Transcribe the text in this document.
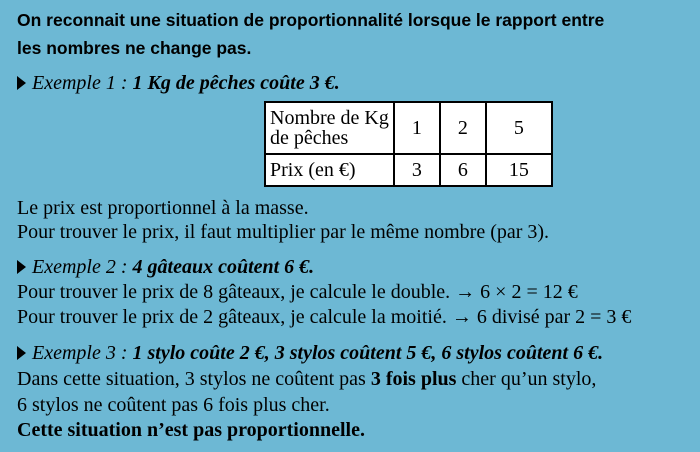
On reconnait une situation de proportionnalité lorsque le rapport entre
les nombres ne change pas.
Exemple 1 : 1 Kg de pêches coûte 3 €.
Nombre de Kg
de pêches	1	2	5
Prix (en €)	3	6	15
Le prix est proportionnel à la masse.
Pour trouver le prix, il faut multiplier par le même nombre (par 3).
Exemple 2 : 4 gâteaux coûtent 6 €.
Pour trouver le prix de 8 gâteaux, je calcule le double. → 6 × 2 = 12 €
Pour trouver le prix de 2 gâteaux, je calcule la moitié. → 6 divisé par 2 = 3 €
Exemple 3 : 1 stylo coûte 2 €, 3 stylos coûtent 5 €, 6 stylos coûtent 6 €.
Dans cette situation, 3 stylos ne coûtent pas 3 fois plus cher qu’un stylo,
6 stylos ne coûtent pas 6 fois plus cher.
Cette situation n’est pas proportionnelle.
